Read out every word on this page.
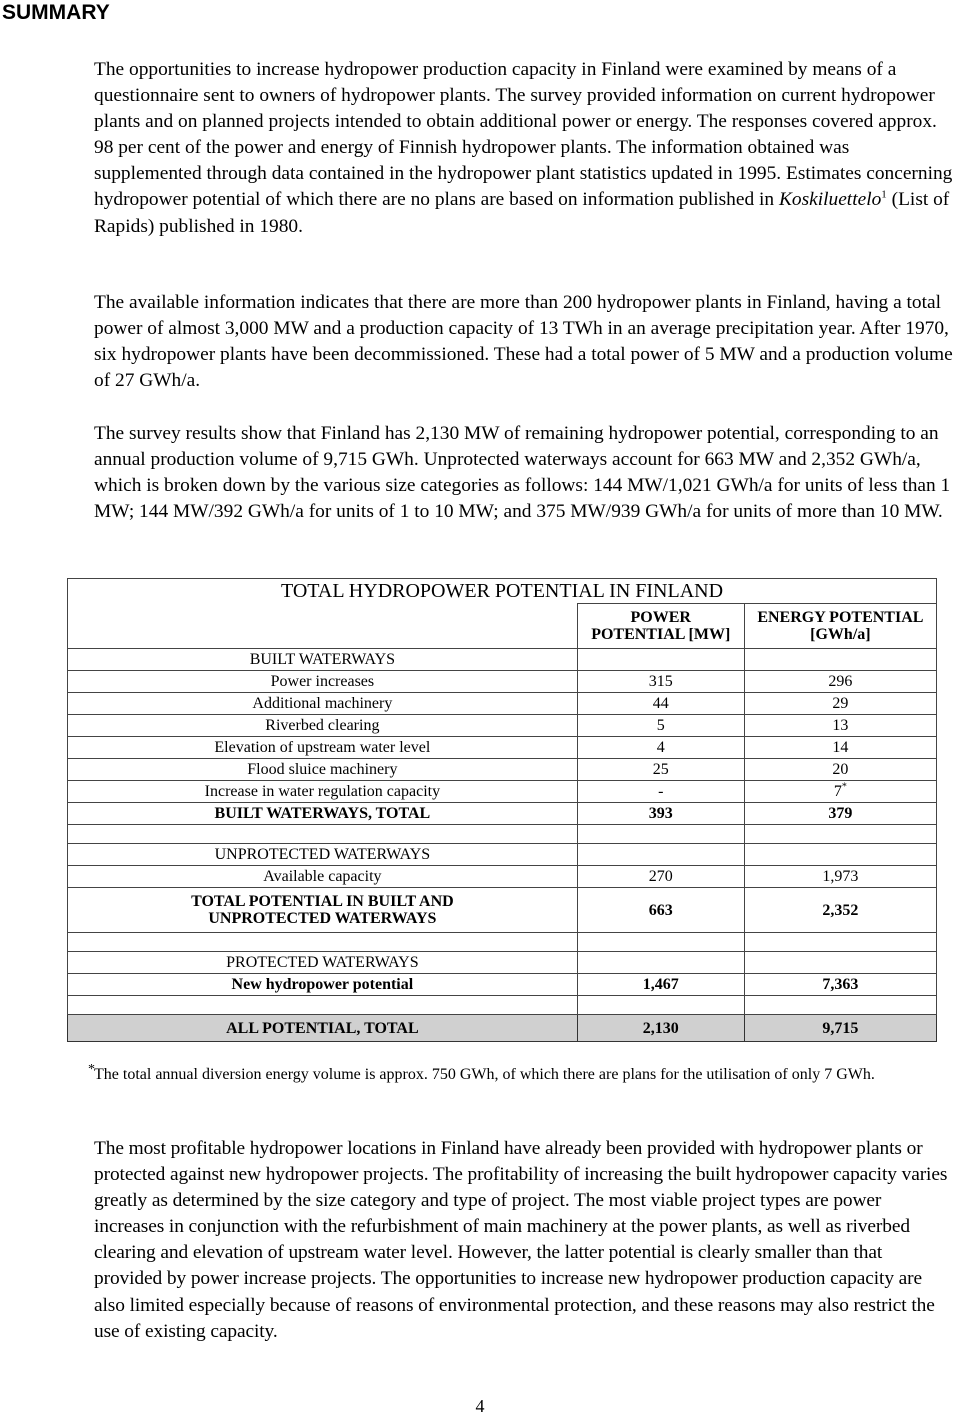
SUMMARY

The opportunities to increase hydropower production capacity in Finland were examined by means of a questionnaire sent to owners of hydropower plants. The survey provided information on current hydropower plants and on planned projects intended to obtain additional power or energy. The responses covered approx. 98 per cent of the power and energy of Finnish hydropower plants. The information obtained was supplemented through data contained in the hydropower plant statistics updated in 1995. Estimates concerning hydropower potential of which there are no plans are based on information published in Koskiluettelo$^1$ (List of Rapids) published in 1980.

The available information indicates that there are more than 200 hydropower plants in Finland, having a total power of almost 3,000 MW and a production capacity of 13 TWh in an average precipitation year. After 1970, six hydropower plants have been decommissioned. These had a total power of 5 MW and a production volume of 27 GWh/a.

The survey results show that Finland has 2,130 MW of remaining hydropower potential, corresponding to an annual production volume of 9,715 GWh. Unprotected waterways account for 663 MW and 2,352 GWh/a, which is broken down by the various size categories as follows: 144 MW/1,021 GWh/a for units of less than 1 MW; 144 MW/392 GWh/a for units of 1 to 10 MW; and 375 MW/939 GWh/a for units of more than 10 MW.

TOTAL HYDROPOWER POTENTIAL IN FINLAND		
	POWER POTENTIAL [MW]	ENERGY POTENTIAL [GWh/a]
BUILT WATERWAYS		
Power increases	315	296
Additional machinery	44	29
Riverbed clearing	5	13
Elevation of upstream water level	4	14
Flood sluice machinery	25	20
Increase in water regulation capacity	-	7*
BUILT WATERWAYS, TOTAL	393	379

UNPROTECTED WATERWAYS		
Available capacity	270	1,973

TOTAL POTENTIAL IN BUILT AND UNPROTECTED WATERWAYS	663	2,352

PROTECTED WATERWAYS		
New hydropower potential	1,467	7,363

ALL POTENTIAL, TOTAL	2,130	9,715
* The total annual diversion energy volume is approx. 750 GWh, of which there are plans for the utilisation of only 7 GWh.

The most profitable hydropower locations in Finland have already been provided with hydropower plants or protected against new hydropower projects. The profitability of increasing the built hydropower capacity varies greatly as determined by the size category and type of project. The most viable project types are power increases in conjunction with the refurbishment of main machinery at the power plants, as well as riverbed clearing and elevation of upstream water level. However, the latter potential is clearly smaller than that provided by power increase projects. The opportunities to increase new hydropower production capacity are also limited especially because of reasons of environmental protection, and these reasons may also restrict the use of existing capacity.

4
